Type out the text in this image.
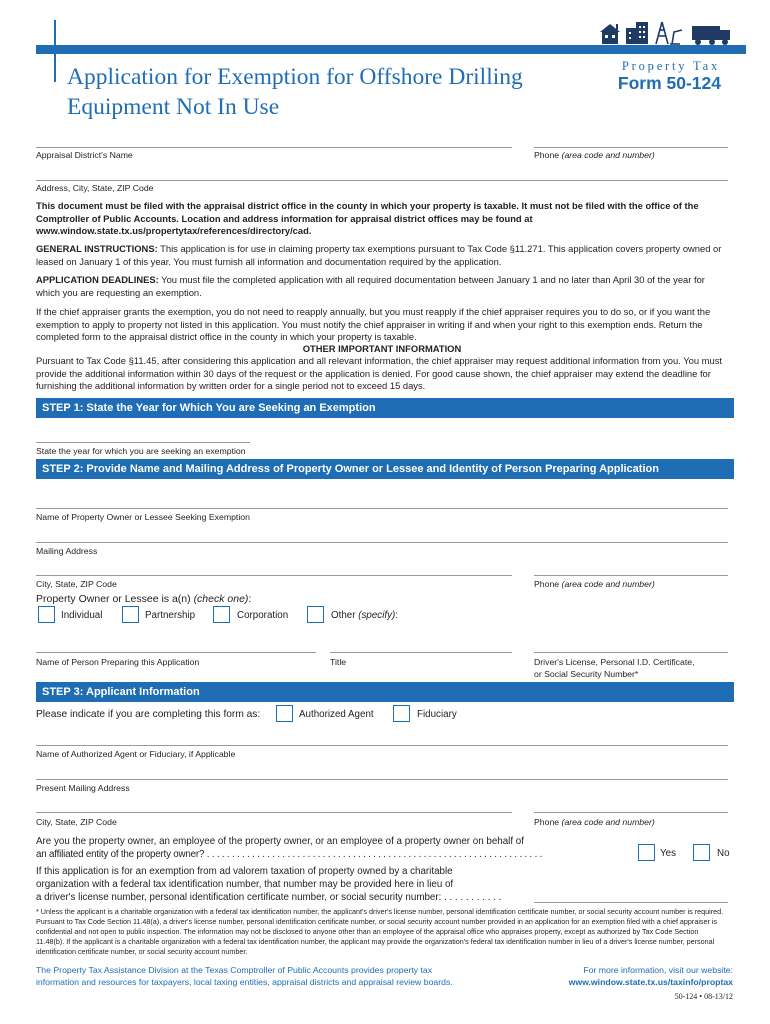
Application for Exemption for Offshore Drilling Equipment Not In Use
Property Tax
Form 50-124
Appraisal District's Name	Phone (area code and number)
Address, City, State, ZIP Code
This document must be filed with the appraisal district office in the county in which your property is taxable. It must not be filed with the office of the Comptroller of Public Accounts. Location and address information for appraisal district offices may be found at www.window.state.tx.us/propertytax/references/directory/cad.
GENERAL INSTRUCTIONS: This application is for use in claiming property tax exemptions pursuant to Tax Code §11.271. This application covers property owned or leased on January 1 of this year. You must furnish all information and documentation required by the application.
APPLICATION DEADLINES: You must file the completed application with all required documentation between January 1 and no later than April 30 of the year for which you are requesting an exemption.
If the chief appraiser grants the exemption, you do not need to reapply annually, but you must reapply if the chief appraiser requires you to do so, or if you want the exemption to apply to property not listed in this application. You must notify the chief appraiser in writing if and when your right to this exemption ends. Return the completed form to the appraisal district office in the county in which your property is taxable.
OTHER IMPORTANT INFORMATION
Pursuant to Tax Code §11.45, after considering this application and all relevant information, the chief appraiser may request additional information from you. You must provide the additional information within 30 days of the request or the application is denied. For good cause shown, the chief appraiser may extend the deadline for furnishing the additional information by written order for a single period not to exceed 15 days.
STEP 1: State the Year for Which You are Seeking an Exemption
State the year for which you are seeking an exemption
STEP 2: Provide Name and Mailing Address of Property Owner or Lessee and Identity of Person Preparing Application
Name of Property Owner or Lessee Seeking Exemption
Mailing Address
City, State, ZIP Code	Phone (area code and number)
Property Owner or Lessee is a(n) (check one):
Individual	Partnership	Corporation	Other (specify):
Name of Person Preparing this Application	Title	Driver's License, Personal I.D. Certificate,
or Social Security Number*
STEP 3: Applicant Information
Please indicate if you are completing this form as:	Authorized Agent	Fiduciary
Name of Authorized Agent or Fiduciary, if Applicable
Present Mailing Address
City, State, ZIP Code	Phone (area code and number)
Are you the property owner, an employee of the property owner, or an employee of a property owner on behalf of
an affiliated entity of the property owner? . . . . . . . . . . . . . . . . . . . . . . . . . . . . . . . . . . . . . . . . . . . . . . . . . . . . . . . . . . . . . . . . . . .	Yes	No
If this application is for an exemption from ad valorem taxation of property owned by a charitable
organization with a federal tax identification number, that number may be provided here in lieu of
a driver's license number, personal identification certificate number, or social security number: . . . . . . . . . . .
* Unless the applicant is a charitable organization with a federal tax identification number, the applicant's driver's license number, personal identification certificate number, or social security account number is required. Pursuant to Tax Code Section 11.48(a), a driver's license number, personal identification certificate number, or social security account number provided in an application for an exemption filed with a chief appraiser is confidential and not open to public inspection. The information may not be disclosed to anyone other than an employee of the appraisal office who appraises property, except as authorized by Tax Code Section 11.48(b). If the applicant is a charitable organization with a federal tax identification number, the applicant may provide the organization's federal tax identification number in lieu of a driver's license number, personal identification certificate number, or social security account number.
The Property Tax Assistance Division at the Texas Comptroller of Public Accounts provides property tax
information and resources for taxpayers, local taxing entities, appraisal districts and appraisal review boards.
For more information, visit our website:
www.window.state.tx.us/taxinfo/proptax
50-124 • 08-13/12
